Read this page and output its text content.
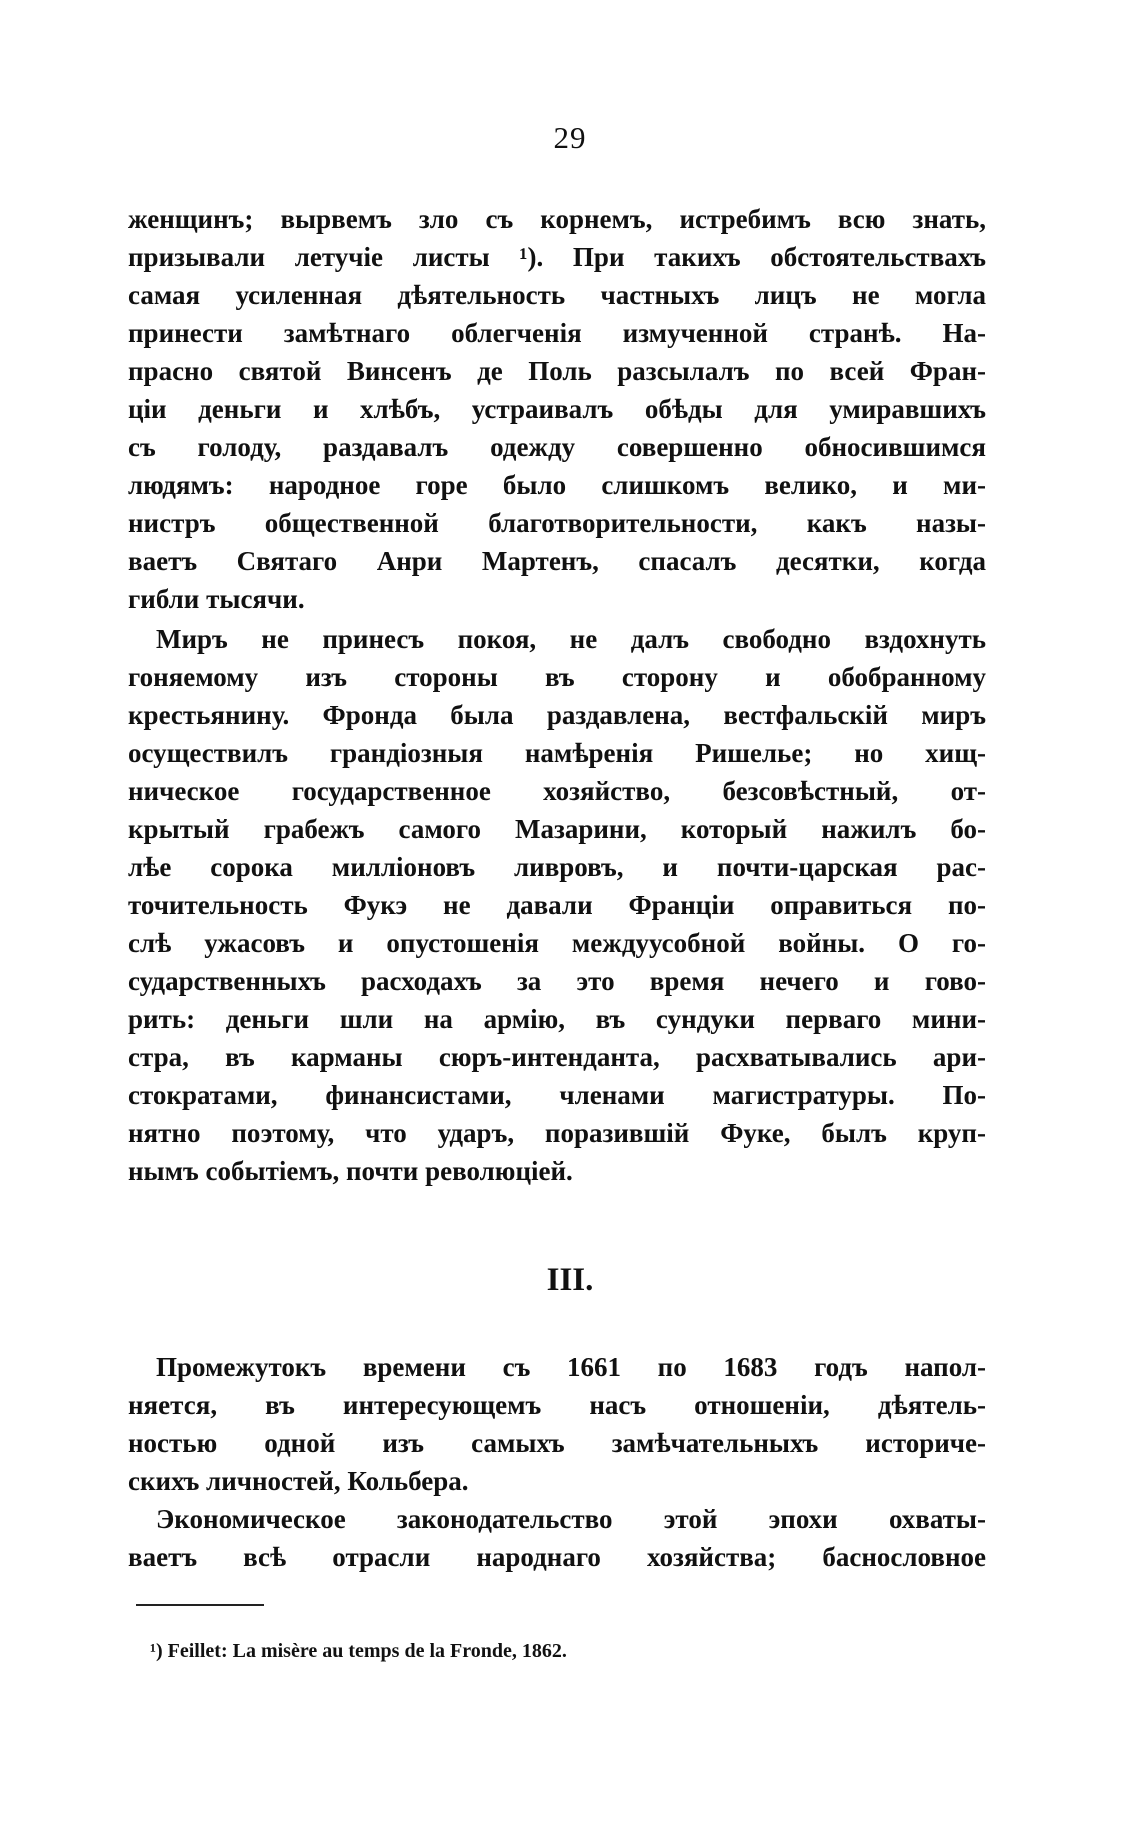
29
женщинъ; вырвемъ зло съ корнемъ, истребимъ всю знать,
призывали летучіе листы ¹). При такихъ обстоятельствахъ
самая усиленная дѣятельность частныхъ лицъ не могла
принести замѣтнаго облегченія измученной странѣ. На-
прасно святой Винсенъ де Поль разсылалъ по всей Фран-
ціи деньги и хлѣбъ, устраивалъ обѣды для умиравшихъ
съ голоду, раздавалъ одежду совершенно обносившимся
людямъ: народное горе было слишкомъ велико, и ми-
нистръ общественной благотворительности, какъ назы-
ваетъ Святаго Анри Мартенъ, спасалъ десятки, когда
гибли тысячи.
Миръ не принесъ покоя, не далъ свободно вздохнуть
гоняемому изъ стороны въ сторону и обобранному
крестьянину. Фронда была раздавлена, вестфальскій миръ
осуществилъ грандіозныя намѣренія Ришелье; но хищ-
ническое государственное хозяйство, безсовѣстный, от-
крытый грабежъ самого Мазарини, который нажилъ бо-
лѣе сорока милліоновъ ливровъ, и почти-царская рас-
точительность Фукэ не давали Франціи оправиться по-
слѣ ужасовъ и опустошенія междуусобной войны. О го-
сударственныхъ расходахъ за это время нечего и гово-
рить: деньги шли на армію, въ сундуки перваго мини-
стра, въ карманы сюръ-интенданта, расхватывались ари-
стократами, финансистами, членами магистратуры. По-
нятно поэтому, что ударъ, поразившій Фуке, былъ круп-
нымъ событіемъ, почти революціей.
III.
Промежутокъ времени съ 1661 по 1683 годъ напол-
няется, въ интересующемъ насъ отношеніи, дѣятель-
ностью одной изъ самыхъ замѣчательныхъ историче-
скихъ личностей, Кольбера.
Экономическое законодательство этой эпохи охваты-
ваетъ всѣ отрасли народнаго хозяйства; баснословное
¹) Feillet: La misère au temps de la Fronde, 1862.
